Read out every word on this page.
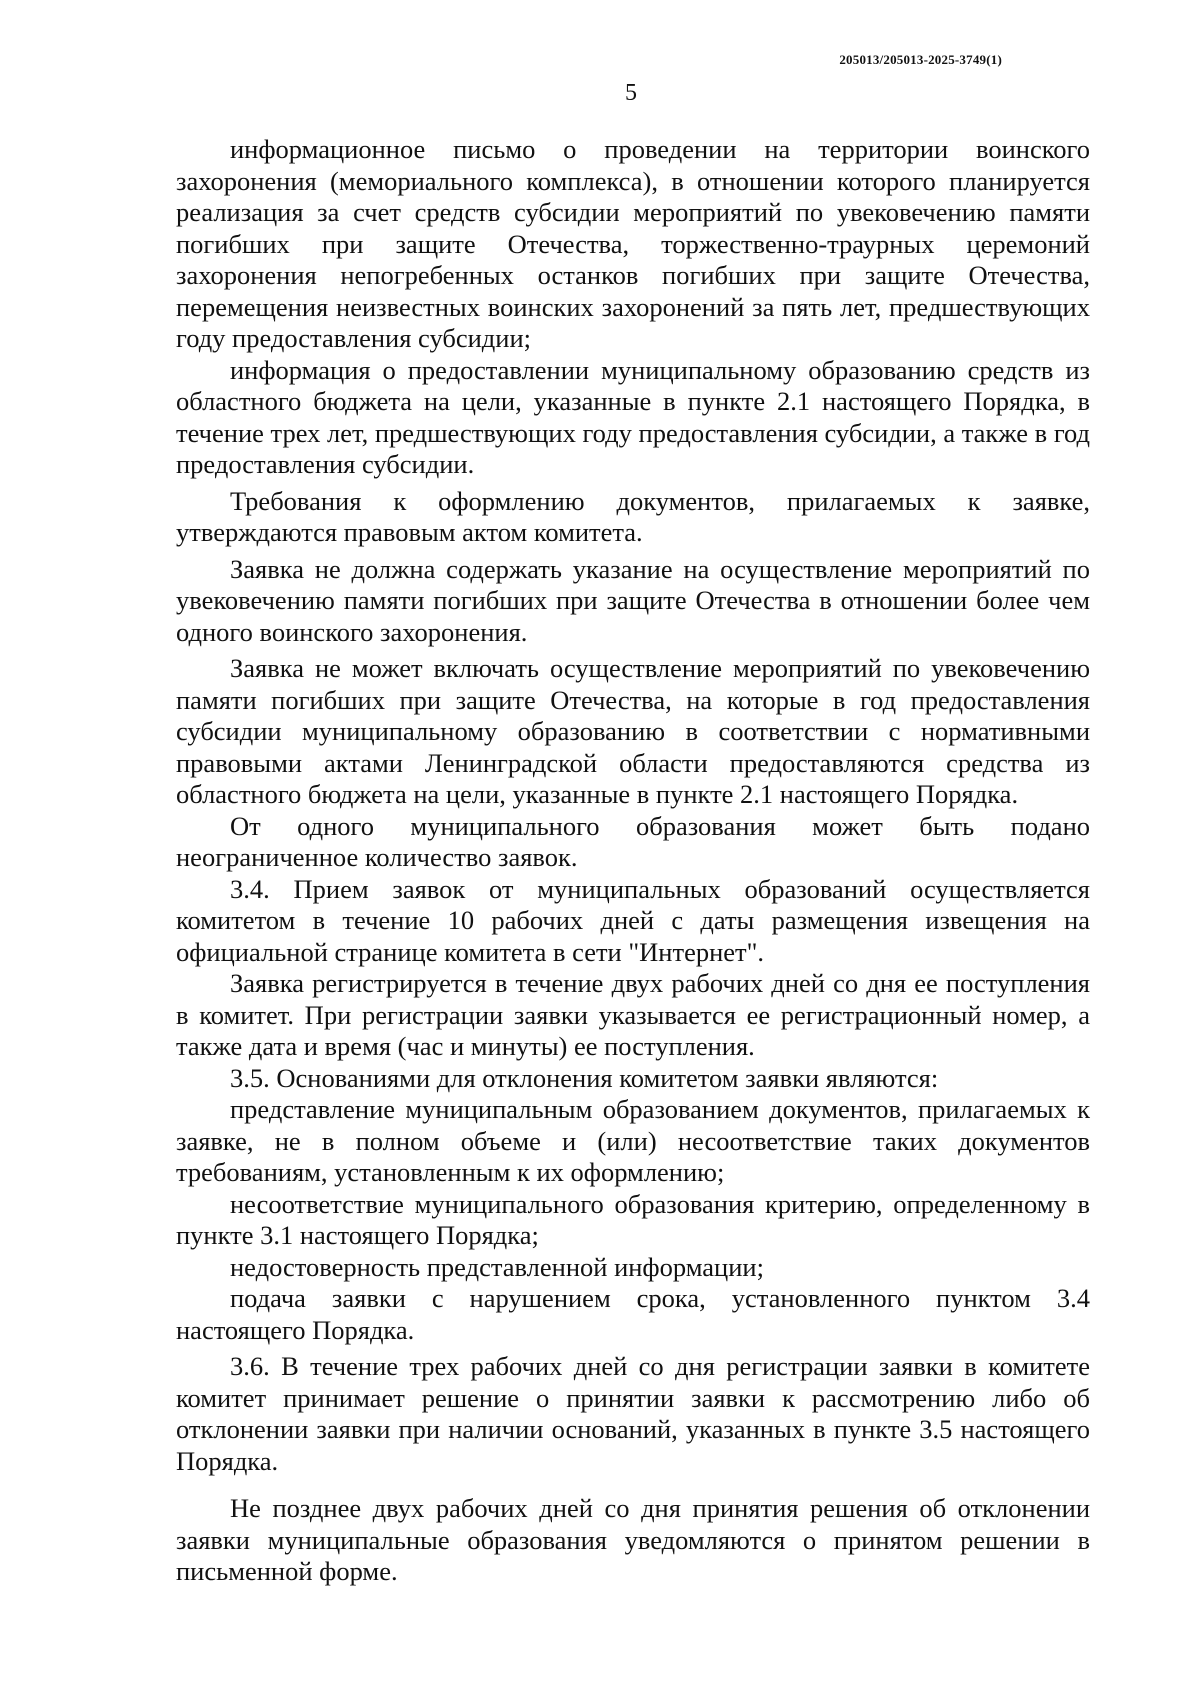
205013/205013-2025-3749(1)
5

информационное письмо о проведении на территории воинского захоронения (мемориального комплекса), в отношении которого планируется реализация за счет средств субсидии мероприятий по увековечению памяти погибших при защите Отечества, торжественно-траурных церемоний захоронения непогребенных останков погибших при защите Отечества, перемещения неизвестных воинских захоронений за пять лет, предшествующих году предоставления субсидии;

информация о предоставлении муниципальному образованию средств из областного бюджета на цели, указанные в пункте 2.1 настоящего Порядка, в течение трех лет, предшествующих году предоставления субсидии, а также в год предоставления субсидии.

Требования к оформлению документов, прилагаемых к заявке, утверждаются правовым актом комитета.

Заявка не должна содержать указание на осуществление мероприятий по увековечению памяти погибших при защите Отечества в отношении более чем одного воинского захоронения.

Заявка не может включать осуществление мероприятий по увековечению памяти погибших при защите Отечества, на которые в год предоставления субсидии муниципальному образованию в соответствии с нормативными правовыми актами Ленинградской области предоставляются средства из областного бюджета на цели, указанные в пункте 2.1 настоящего Порядка.

От одного муниципального образования может быть подано неограниченное количество заявок.

3.4. Прием заявок от муниципальных образований осуществляется комитетом в течение 10 рабочих дней с даты размещения извещения на официальной странице комитета в сети "Интернет".

Заявка регистрируется в течение двух рабочих дней со дня ее поступления в комитет. При регистрации заявки указывается ее регистрационный номер, а также дата и время (час и минуты) ее поступления.

3.5. Основаниями для отклонения комитетом заявки являются:

представление муниципальным образованием документов, прилагаемых к заявке, не в полном объеме и (или) несоответствие таких документов требованиям, установленным к их оформлению;

несоответствие муниципального образования критерию, определенному в пункте 3.1 настоящего Порядка;

недостоверность представленной информации;

подача заявки с нарушением срока, установленного пунктом 3.4 настоящего Порядка.

3.6. В течение трех рабочих дней со дня регистрации заявки в комитете комитет принимает решение о принятии заявки к рассмотрению либо об отклонении заявки при наличии оснований, указанных в пункте 3.5 настоящего Порядка.

Не позднее двух рабочих дней со дня принятия решения об отклонении заявки муниципальные образования уведомляются о принятом решении в письменной форме.
